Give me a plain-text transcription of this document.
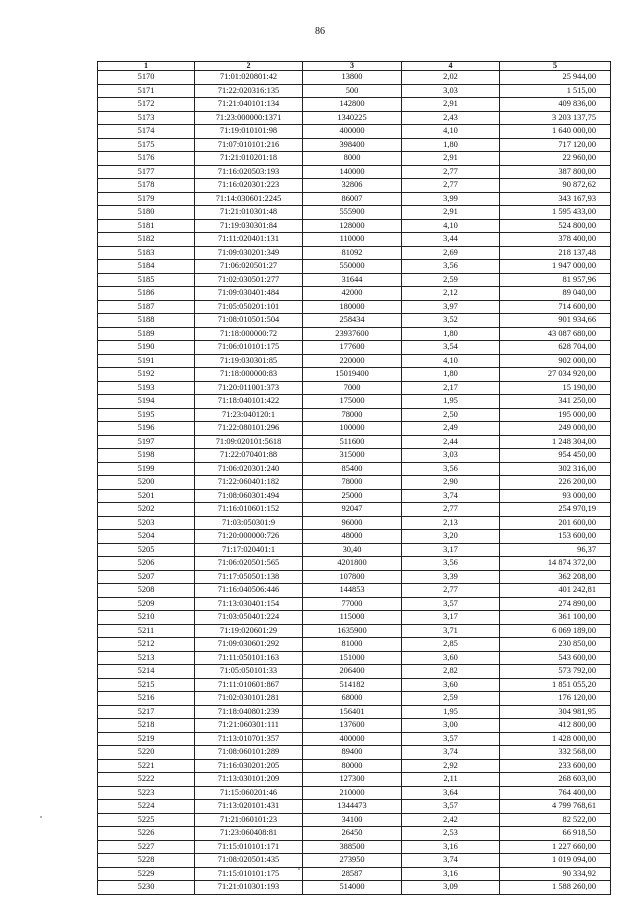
86
1	2	3	4	5
5170	71:01:020801:42	13800	2,02	25 944,00
5171	71:22:020316:135	500	3,03	1 515,00
5172	71:21:040101:134	142800	2,91	409 836,00
5173	71:23:000000:1371	1340225	2,43	3 203 137,75
5174	71:19:010101:98	400000	4,10	1 640 000,00
5175	71:07:010101:216	398400	1,80	717 120,00
5176	71:21:010201:18	8000	2,91	22 960,00
5177	71:16:020503:193	140000	2,77	387 800,00
5178	71:16:020301:223	32806	2,77	90 872,62
5179	71:14:030601:2245	86007	3,99	343 167,93
5180	71:21:010301:48	555900	2,91	1 595 433,00
5181	71:19:030301:84	128000	4,10	524 800,00
5182	71:11:020401:131	110000	3,44	378 400,00
5183	71:09:030201:349	81092	2,69	218 137,48
5184	71:06:020501:27	550000	3,56	1 947 000,00
5185	71:02:030501:277	31644	2,59	81 957,96
5186	71:09:030401:484	42000	2,12	89 040,00
5187	71:05:050201:101	180000	3,97	714 600,00
5188	71:08:010501:504	258434	3,52	901 934,66
5189	71:18:000000:72	23937600	1,80	43 087 680,00
5190	71:06:010101:175	177600	3,54	628 704,00
5191	71:19:030301:85	220000	4,10	902 000,00
5192	71:18:000000:83	15019400	1,80	27 034 920,00
5193	71:20:011001:373	7000	2,17	15 190,00
5194	71:18:040101:422	175000	1,95	341 250,00
5195	71:23:040120:1	78000	2,50	195 000,00
5196	71:22:080101:296	100000	2,49	249 000,00
5197	71:09:020101:5618	511600	2,44	1 248 304,00
5198	71:22:070401:88	315000	3,03	954 450,00
5199	71:06:020301:240	85400	3,56	302 316,00
5200	71:22:060401:182	78000	2,90	226 200,00
5201	71:08:060301:494	25000	3,74	93 000,00
5202	71:16:010601:152	92047	2,77	254 970,19
5203	71:03:050301:9	96000	2,13	201 600,00
5204	71:20:000000:726	48000	3,20	153 600,00
5205	71:17:020401:1	30,40	3,17	96,37
5206	71:06:020501:565	4201800	3,56	14 874 372,00
5207	71:17:050501:138	107800	3,39	362 208,00
5208	71:16:040506:446	144853	2,77	401 242,81
5209	71:13:030401:154	77000	3,57	274 890,00
5210	71:03:050401:224	115000	3,17	361 100,00
5211	71:19:020601:29	1635900	3,71	6 069 189,00
5212	71:09:030601:292	81000	2,85	230 850,00
5213	71:11:050101:163	151000	3,60	543 600,00
5214	71:05:050101:33	206400	2,82	573 792,00
5215	71:11:010601:867	514182	3,60	1 851 055,20
5216	71:02:030101:281	68000	2,59	176 120,00
5217	71:18:040801:239	156401	1,95	304 981,95
5218	71:21:060301:111	137600	3,00	412 800,00
5219	71:13:010701:357	400000	3,57	1 428 000,00
5220	71:08:060101:289	89400	3,74	332 568,00
5221	71:16:030201:205	80000	2,92	233 600,00
5222	71:13:030101:209	127300	2,11	268 603,00
5223	71:15:060201:46	210000	3,64	764 400,00
5224	71:13:020101:431	1344473	3,57	4 799 768,61
5225	71:21:060101:23	34100	2,42	82 522,00
5226	71:23:060408:81	26450	2,53	66 918,50
5227	71:15:010101:171	388500	3,16	1 227 660,00
5228	71:08:020501:435	273950	3,74	1 019 094,00
5229	71:15:010101:175	28587	3,16	90 334,92
5230	71:21:010301:193	514000	3,09	1 588 260,00
